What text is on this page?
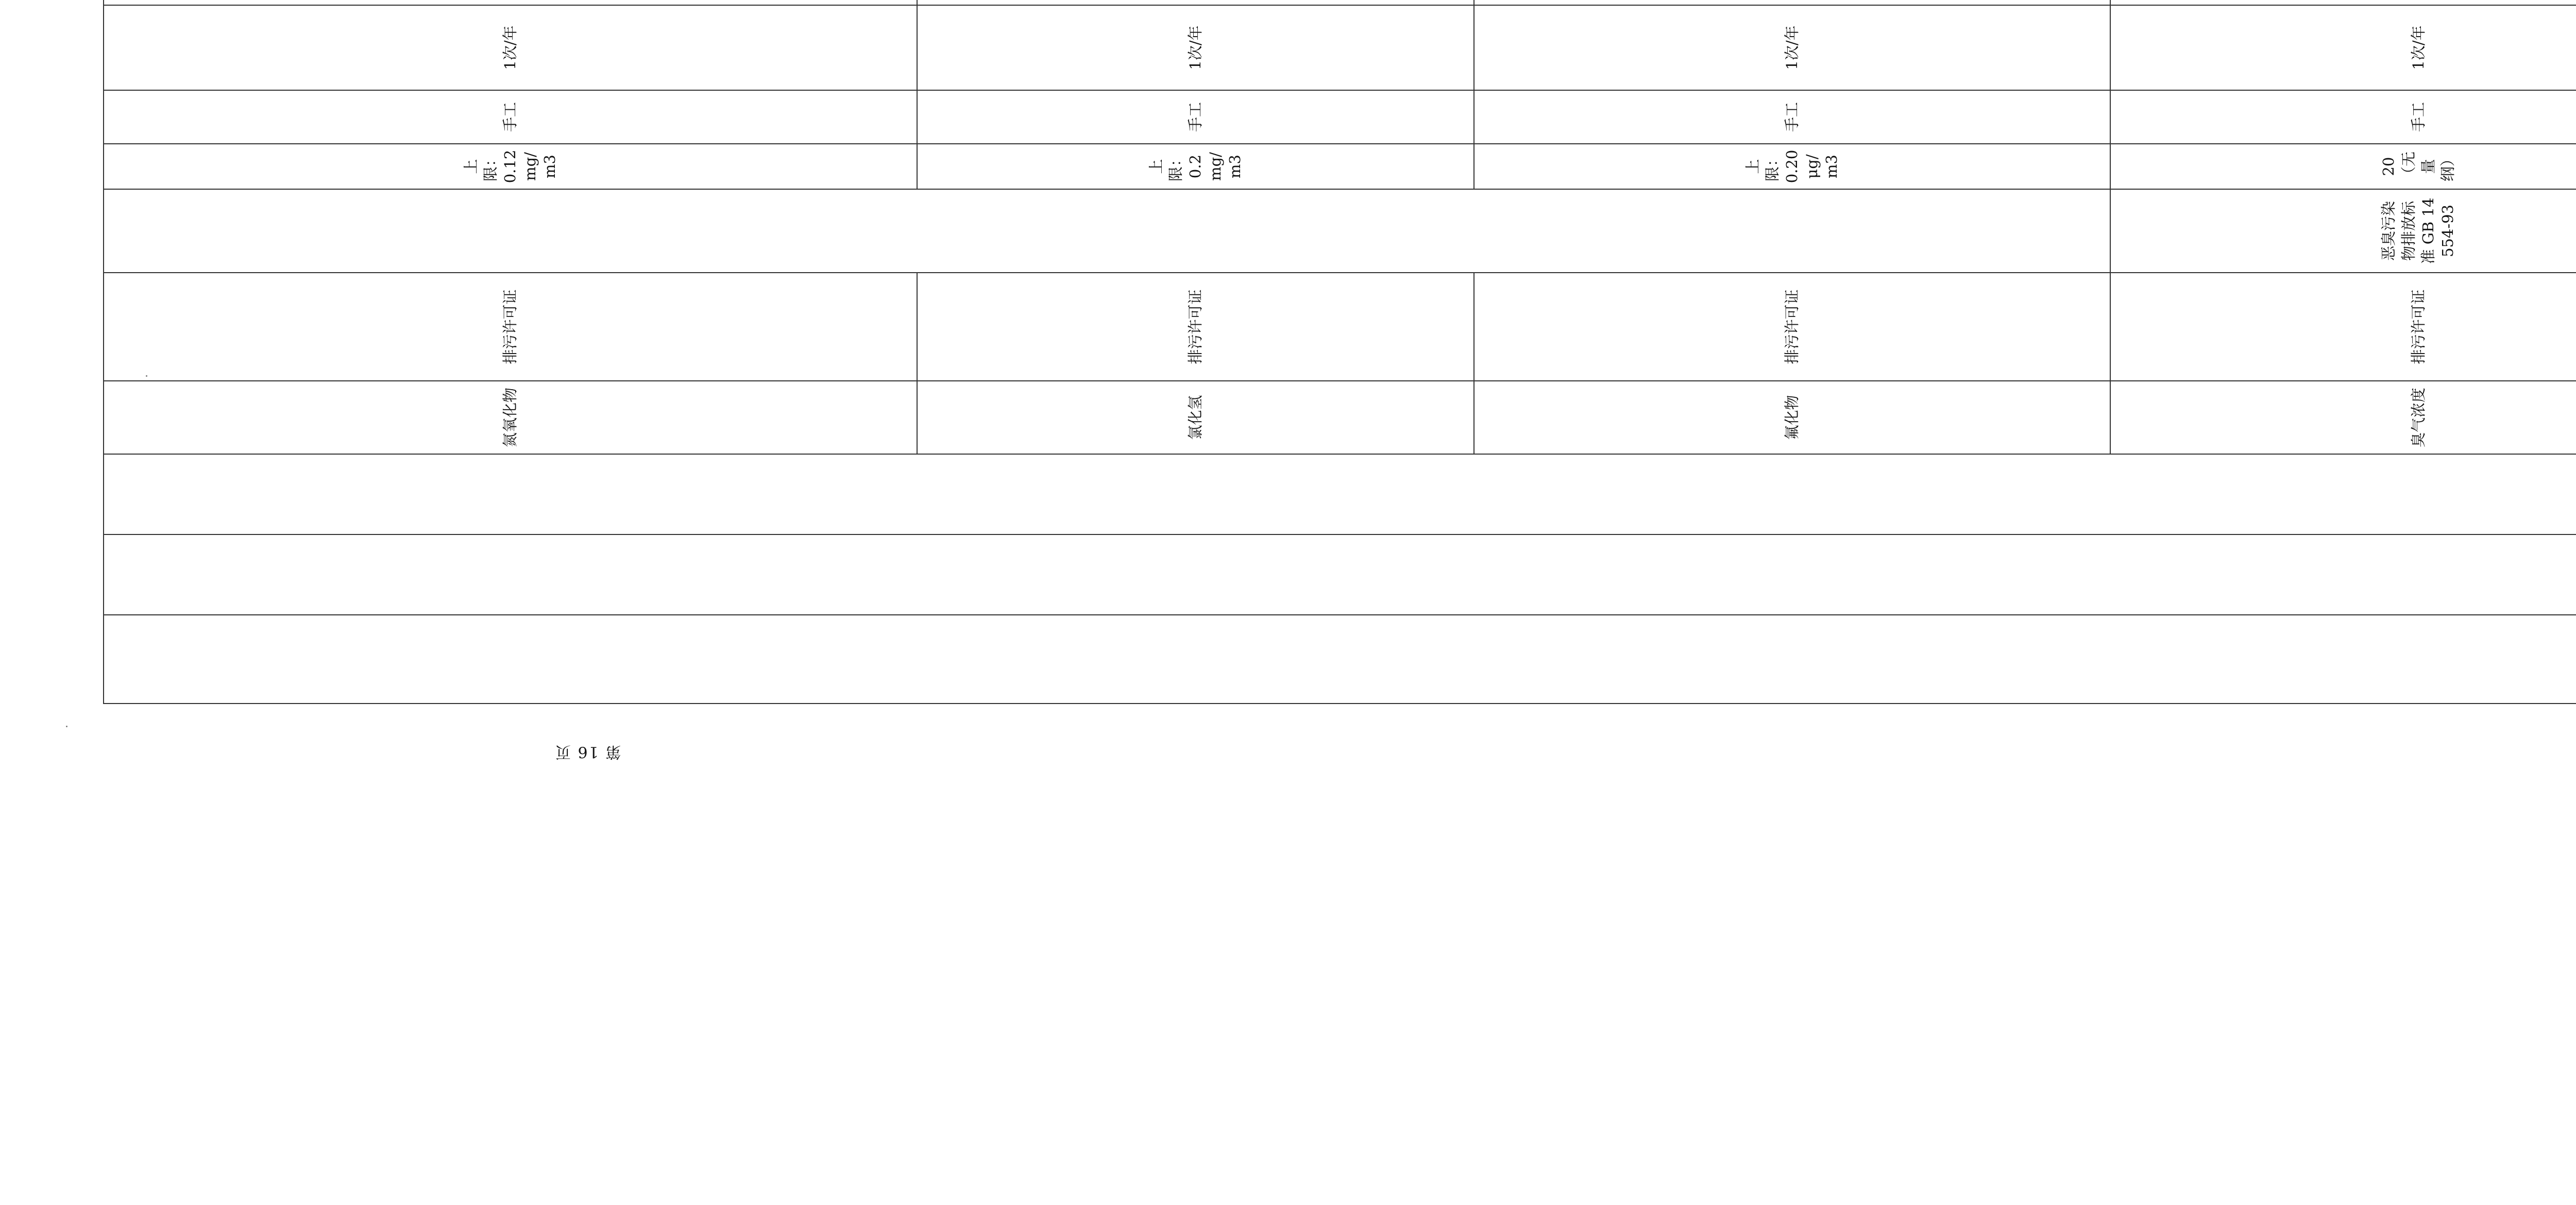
			氮氧化物	排污许可证		上限：0.12mg/m3	手工	1次/年		
			氯化氢	排污许可证		上限：0.2mg/m3	手工	1次/年		
			氟化物	排污许可证		上限：0.20μg/m3	手工	1次/年		
			臭气浓度	排污许可证	恶臭污染物排放标准 GB 14554-93	20（无量纲）	手工	1次/年		
第 16 页
